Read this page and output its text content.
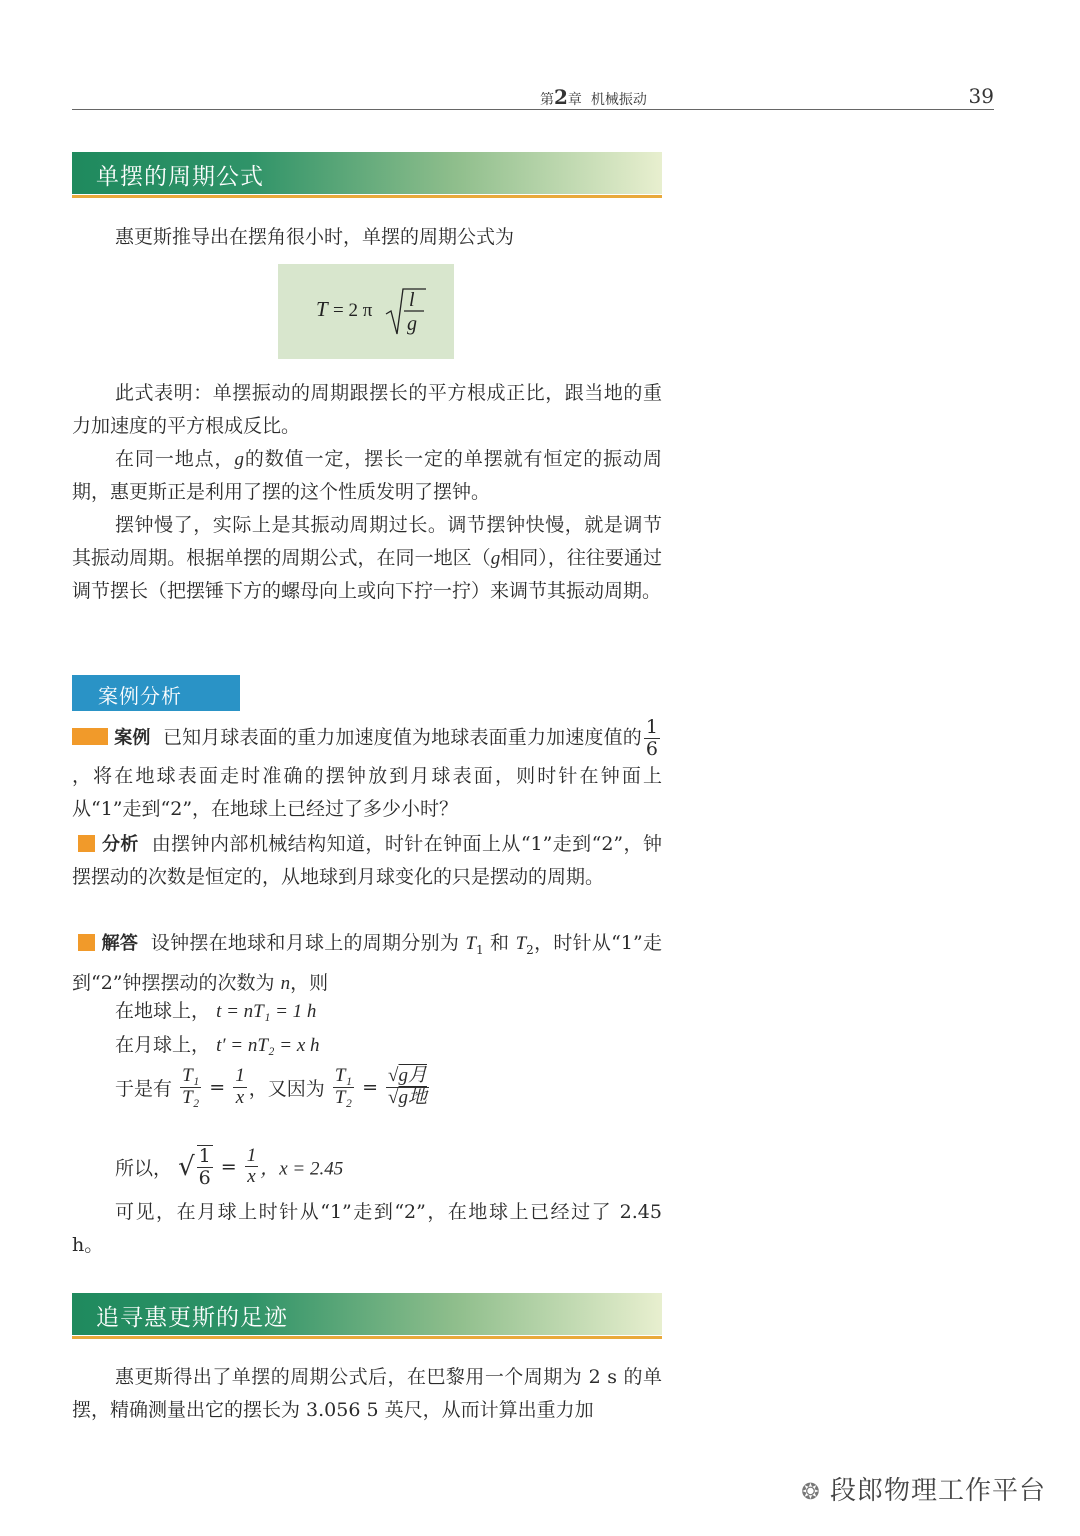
第2章 机械振动	39
单摆的周期公式
惠更斯推导出在摆角很小时，单摆的周期公式为
T = 2 π l
g
此式表明：单摆振动的周期跟摆长的平方根成正比，跟当地的重力加速度的平方根成反比。
在同一地点，g的数值一定，摆长一定的单摆就有恒定的振动周期，惠更斯正是利用了摆的这个性质发明了摆钟。
摆钟慢了，实际上是其振动周期过长。调节摆钟快慢，就是调节其振动周期。根据单摆的周期公式，在同一地区（g相同），往往要通过调节摆长（把摆锤下方的螺母向上或向下拧一拧）来调节其振动周期。
案例分析
案例 已知月球表面的重力加速度值为地球表面重力加速度值的 $\frac{1}{6}$
，将在地球表面走时准确的摆钟放到月球表面，则时针在钟面上从“1”走到“2”，在地球上已经过了多少小时？
分析 由摆钟内部机械结构知道，时针在钟面上从“1”走到“2”，钟摆摆动的次数是恒定的，从地球到月球变化的只是摆动的周期。
解答 设钟摆在地球和月球上的周期分别为 $T_1$ 和 $T_2$，时针从“1”走到“2”钟摆摆动的次数为 n，则
在地球上， t = nT₁ = 1 h
在月球上， t′ = nT₂ = x h
于是有 $\frac{\text{T₁}}{\text{T₂}} = \frac{1}{x}$ ，又因为 $\frac{\text{T₁}}{\text{T₂}} = \frac{\text{√g月}}{\text{√g地}}$
所以， √ $\frac{1}{6} = \frac{1}{x}$ ，x = 2.45
可见，在月球上时针从“1”走到“2”，在地球上已经过了 2.45 h。
追寻惠更斯的足迹
惠更斯得出了单摆的周期公式后，在巴黎用一个周期为 2 s 的单摆，精确测量出它的摆长为 3.056 5 英尺，从而计算出重力加
❂ 段郎物理工作平台
